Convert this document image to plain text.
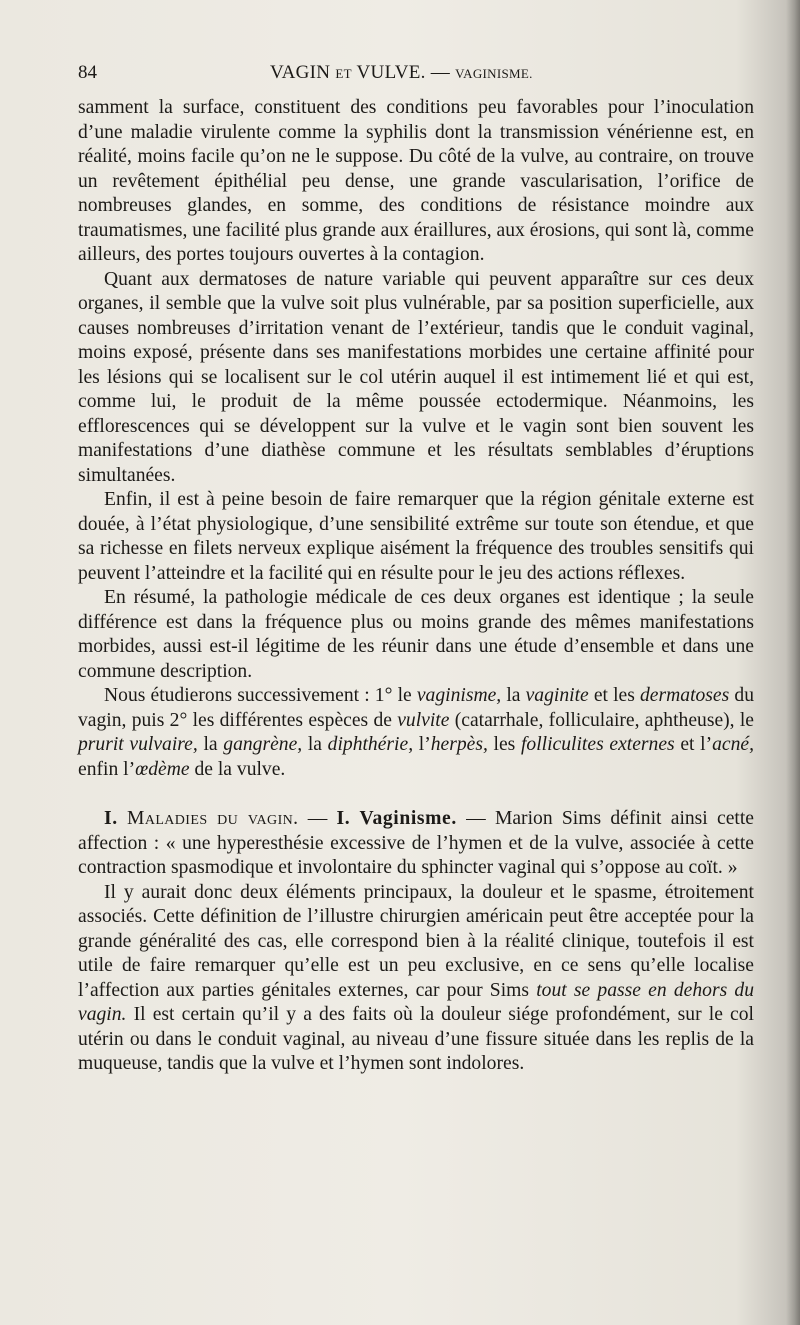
84	VAGIN ET VULVE. — VAGINISME.

samment la surface, constituent des conditions peu favorables pour l’inoculation d’une maladie virulente comme la syphilis dont la transmission vénérienne est, en réalité, moins facile qu’on ne le suppose. Du côté de la vulve, au contraire, on trouve un revêtement épithélial peu dense, une grande vascularisation, l’orifice de nombreuses glandes, en somme, des conditions de résistance moindre aux traumatismes, une facilité plus grande aux éraillures, aux érosions, qui sont là, comme ailleurs, des portes toujours ouvertes à la contagion.

Quant aux dermatoses de nature variable qui peuvent apparaître sur ces deux organes, il semble que la vulve soit plus vulnérable, par sa position superficielle, aux causes nombreuses d’irritation venant de l’extérieur, tandis que le conduit vaginal, moins exposé, présente dans ses manifestations morbides une certaine affinité pour les lésions qui se localisent sur le col utérin auquel il est intimement lié et qui est, comme lui, le produit de la même poussée ectodermique. Néanmoins, les efflorescences qui se développent sur la vulve et le vagin sont bien souvent les manifestations d’une diathèse commune et les résultats semblables d’éruptions simultanées.

Enfin, il est à peine besoin de faire remarquer que la région génitale externe est douée, à l’état physiologique, d’une sensibilité extrême sur toute son étendue, et que sa richesse en filets nerveux explique aisément la fréquence des troubles sensitifs qui peuvent l’atteindre et la facilité qui en résulte pour le jeu des actions réflexes.

En résumé, la pathologie médicale de ces deux organes est identique ; la seule différence est dans la fréquence plus ou moins grande des mêmes manifestations morbides, aussi est-il légitime de les réunir dans une étude d’ensemble et dans une commune description.

Nous étudierons successivement : 1° le vaginisme, la vaginite et les dermatoses du vagin, puis 2° les différentes espèces de vulvite (catarrhale, folliculaire, aphtheuse), le prurit vulvaire, la gangrène, la diphthérie, l’herpès, les folliculites externes et l’acné, enfin l’œdème de la vulve.

I. Maladies du vagin. — I. Vaginisme. — Marion Sims définit ainsi cette affection : « une hyperesthésie excessive de l’hymen et de la vulve, associée à cette contraction spasmodique et involontaire du sphincter vaginal qui s’oppose au coït. »

Il y aurait donc deux éléments principaux, la douleur et le spasme, étroitement associés. Cette définition de l’illustre chirurgien américain peut être acceptée pour la grande généralité des cas, elle correspond bien à la réalité clinique, toutefois il est utile de faire remarquer qu’elle est un peu exclusive, en ce sens qu’elle localise l’affection aux parties génitales externes, car pour Sims tout se passe en dehors du vagin. Il est certain qu’il y a des faits où la douleur siége profondément, sur le col utérin ou dans le conduit vaginal, au niveau d’une fissure située dans les replis de la muqueuse, tandis que la vulve et l’hymen sont indolores.
